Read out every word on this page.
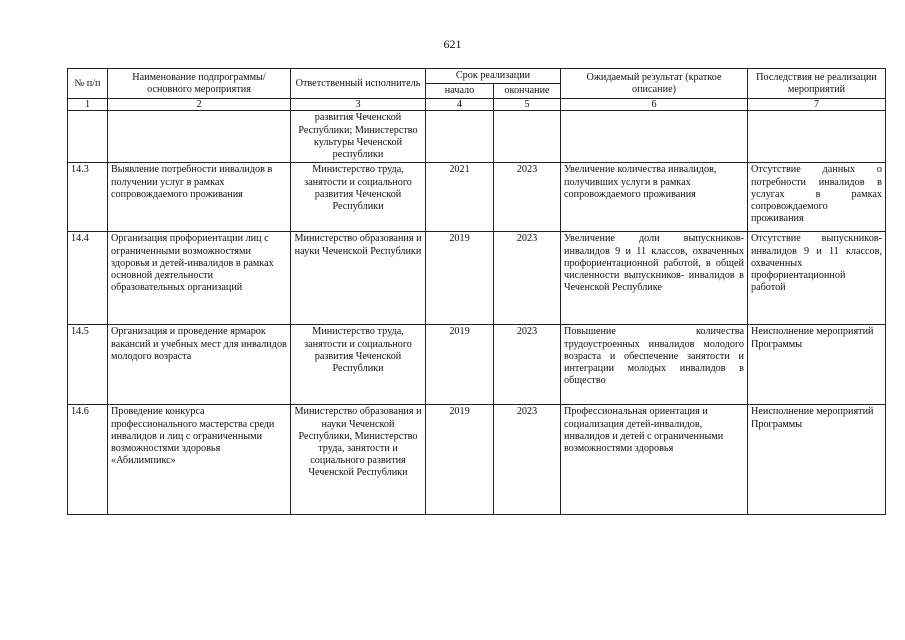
621
№ п/п	Наименование подпрограммы/ основного мероприятия	Ответственный исполнитель	Срок реализации		Ожидаемый результат (краткое описание)	Последствия не реализации мероприятий
			начало	окончание		
1	2	3	4	5	6	7
		развития Чеченской Республики; Министерство культуры Чеченской республики				
14.3	Выявление потребности инвалидов в получении услуг в рамках сопровождаемого проживания	Министерство труда, занятости и социального развития Чеченской Республики	2021	2023	Увеличение количества инвалидов, получивших услуги в рамках сопровождаемого проживания	Отсутствие данных о потребности инвалидов в услугах в рамках сопровождаемого проживания
14.4	Организация профориентации лиц с ограниченными возможностями здоровья и детей-инвалидов в рамках основной деятельности образовательных организаций	Министерство образования и науки Чеченской Республики	2019	2023	Увеличение доли выпускников-инвалидов 9 и 11 классов, охваченных профориентационной работой, в общей численности выпускников- инвалидов в Чеченской Республике	Отсутствие выпускников- инвалидов 9 и 11 классов, охваченных профориентационной работой
14.5	Организация и проведение ярмарок вакансий и учебных мест для инвалидов молодого возраста	Министерство труда, занятости и социального развития Чеченской Республики	2019	2023	Повышение количества трудоустроенных инвалидов молодого возраста и обеспечение занятости и интеграции молодых инвалидов в общество	Неисполнение мероприятий Программы
14.6	Проведение конкурса профессионального мастерства среди инвалидов и лиц с ограниченными возможностями здоровья «Абилимпикс»	Министерство образования и науки Чеченской Республики, Министерство труда, занятости и социального развития Чеченской Республики	2019	2023	Профессиональная ориентация и социализация детей-инвалидов, инвалидов и детей с ограниченными возможностями здоровья	Неисполнение мероприятий Программы
